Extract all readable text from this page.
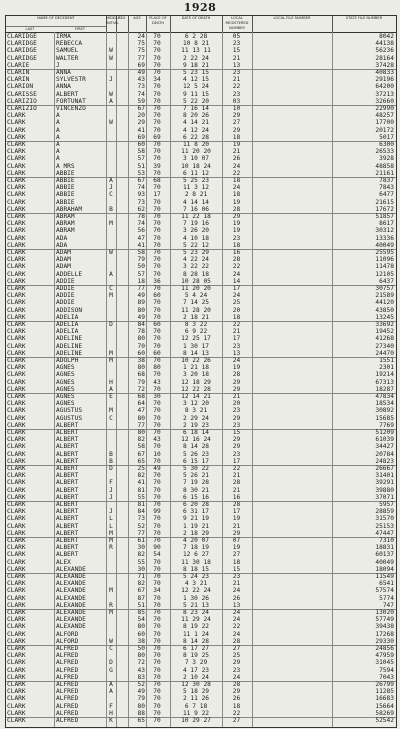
1928
NAME OF DECEDENT
LAST	FIRST
MIDDLE INITIAL
SEX	AGE	PLACE OF DEATH
DATE OF DEATH	LOCAL REGISTERED NUMBER
LOCAL FILE NUMBER	STATE FILE NUMBER
CLARIDGE	IRMA	24	70	6 2 28	05	8042
CLARIDGE	REBECCA	75	70	10 8 21	23	44138
CLARIDGE	SAMUEL	W	75	70	11 13 11	15	56236
CLARIDGE	WALTER	W	77	70	2 22 24	21	28164
CLARIE	J	69	70	9 18 21	13	37428
CLARIN	ANNA	49	70	5 23 15	23	40833
CLARIN	SYLVESTR	J	43	34	4 12 15	21	29196
CLARION	ANNA	73	70	12 5 24	22	64200
CLARISSE	ALBERT	W	74	70	9 11 15	23	37213
CLARIZIO	FORTUNAT	A	59	70	5 22 20	03	32660
CLARIZIO	VINCENZO	67	70	7 16 14	10	22990
CLARK	A	20	70	8 20 26	29	48257
CLARK	A	W	29	70	4 14 21	27	17700
CLARK	A	41	70	4 12 24	29	20172
CLARK	A	69	69	6 22 28	18	5017
CLARK	A	60	70	11 8 20	19	6300
CLARK	A	58	70	11 20 20	21	26533
CLARK	A	57	70	3 10 07	26	3928
CLARK	A MRS	51	39	10 18 24	24	48858
CLARK	ABBIE	53	70	6 11 12	22	21161
CLARK	ABBIE	A	67	68	5 25 23	18	7837
CLARK	ABBIE	J	74	70	11 3 12	24	7843
CLARK	ABBIE	C	93	17	2 8 21	18	6477
CLARK	ABBIE	73	70	4 14 14	19	21615
CLARK	ABRAHAM	B	62	70	7 16 06	28	17672
CLARK	ABRAM	78	70	11 22 18	29	51857
CLARK	ABRAM	M	74	70	7 19 16	19	8617
CLARK	ABRAM	56	70	3 26 20	19	30312
CLARK	ADA	47	70	4 10 18	23	13336
CLARK	ADA	41	70	5 22 12	18	40049
CLARK	ADAM	W	58	70	5 23 29	16	25595
CLARK	ADAM	79	70	4 22 24	28	11096
CLARK	ADAM	50	70	3 22 22	22	11478
CLARK	ADDELLE	A	57	70	8 28 18	24	12105
CLARK	ADDIE	18	36	10 28 05	14	6437
CLARK	ADDIE	C	77	70	11 20 20	17	30757
CLARK	ADDIE	M	49	60	5 4 24	24	21589
CLARK	ADDIE	89	70	7 14 25	25	44120
CLARK	ADDISON	80	70	11 28 20	20	43850
CLARK	ADELIA	49	70	2 18 21	18	13245
CLARK	ADELIA	D	84	60	8 3 22	22	33692
CLARK	ADELIA	78	70	6 9 22	21	19452
CLARK	ADELINE	80	70	12 25 17	17	41268
CLARK	ADELINE	70	70	1 30 17	23	27340
CLARK	ADELINE	M	60	60	8 14 13	13	24470
CLARK	ADOLPH	M	38	70	10 22 26	24	1551
CLARK	AGNES	80	80	1 21 18	19	2301
CLARK	AGNES	68	70	3 20 18	28	19214
CLARK	AGNES	H	79	43	12 18 29	29	67313
CLARK	AGNES	A	72	70	12 22 28	29	18287
CLARK	AGNES	E	68	30	12 14 21	21	47834
CLARK	AGNES	64	70	3 12 20	20	18534
CLARK	AGUSTUS	M	47	70	8 3 21	23	30892
CLARK	AGUSTUS	C	80	70	2 29 24	29	15685
CLARK	ALBERT	77	70	2 19 23	23	7769
CLARK	ALBERT	80	70	6 18 14	15	51209
CLARK	ALBERT	82	43	12 16 24	29	61039
CLARK	ALBERT	58	70	8 14 28	29	34427
CLARK	ALBERT	B	67	10	5 26 23	23	20784
CLARK	ALBERT	B	65	70	6 15 17	17	24823
CLARK	ALBERT	D	25	49	5 30 22	22	26667
CLARK	ALBERT	82	70	5 26 21	21	31401
CLARK	ALBERT	F	41	70	7 19 28	28	39291
CLARK	ALBERT	J	81	70	8 30 21	21	39880
CLARK	ALBERT	J	55	70	6 15 16	16	37071
CLARK	ALBERT	81	70	6 20 28	28	5957
CLARK	ALBERT	J	84	99	6 31 17	17	28859
CLARK	ALBERT	L	73	70	9 21 19	19	31570
CLARK	ALBERT	L	52	70	1 19 21	21	25153
CLARK	ALBERT	M	77	70	2 18 29	29	47447
CLARK	ALBERT	M	61	70	4 20 07	07	7310
CLARK	ALBERT	R	30	90	7 18 19	19	18831
CLARK	ALBERT	82	54	12 6 27	27	60137
CLARK	ALEX	55	70	11 30 18	18	40049
CLARK	ALEXANDE	30	70	8 18 15	15	18094
CLARK	ALEXANDE	71	70	5 24 23	23	11549
CLARK	ALEXANDE	82	70	4 3 21	21	6541
CLARK	ALEXANDE	M	67	34	12 22 24	24	57574
CLARK	ALEXANDE	87	70	1 30 26	26	5774
CLARK	ALEXANDE	R	51	70	5 21 13	13	747
CLARK	ALEXANDE	M	85	70	8 23 24	24	13020
CLARK	ALEXANDE	54	70	11 29 24	24	57749
CLARK	ALEXANDE	80	70	8 19 22	22	39438
CLARK	ALFORD	60	70	11 1 24	24	17268
CLARK	ALFORD	W	38	70	8 14 28	28	29330
CLARK	ALFRED	C	50	70	6 17 27	27	24856
CLARK	ALFRED	80	70	8 19 25	25	47959
CLARK	ALFRED	D	72	70	7 3 29	29	31045
CLARK	ALFRED	G	43	70	4 17 23	23	7594
CLARK	ALFRED	83	70	2 10 24	24	7043
CLARK	ALFRED	A	52	70	12 30 28	28	26799
CLARK	ALFRED	A	49	70	5 18 29	29	11285
CLARK	ALFRED	79	70	2 11 26	26	16683
CLARK	ALFRED	F	80	70	6 7 18	18	15664
CLARK	ALFRED	H	88	70	11 9 22	22	58269
CLARK	ALFRED	K	65	70	10 29 27	27	52542
